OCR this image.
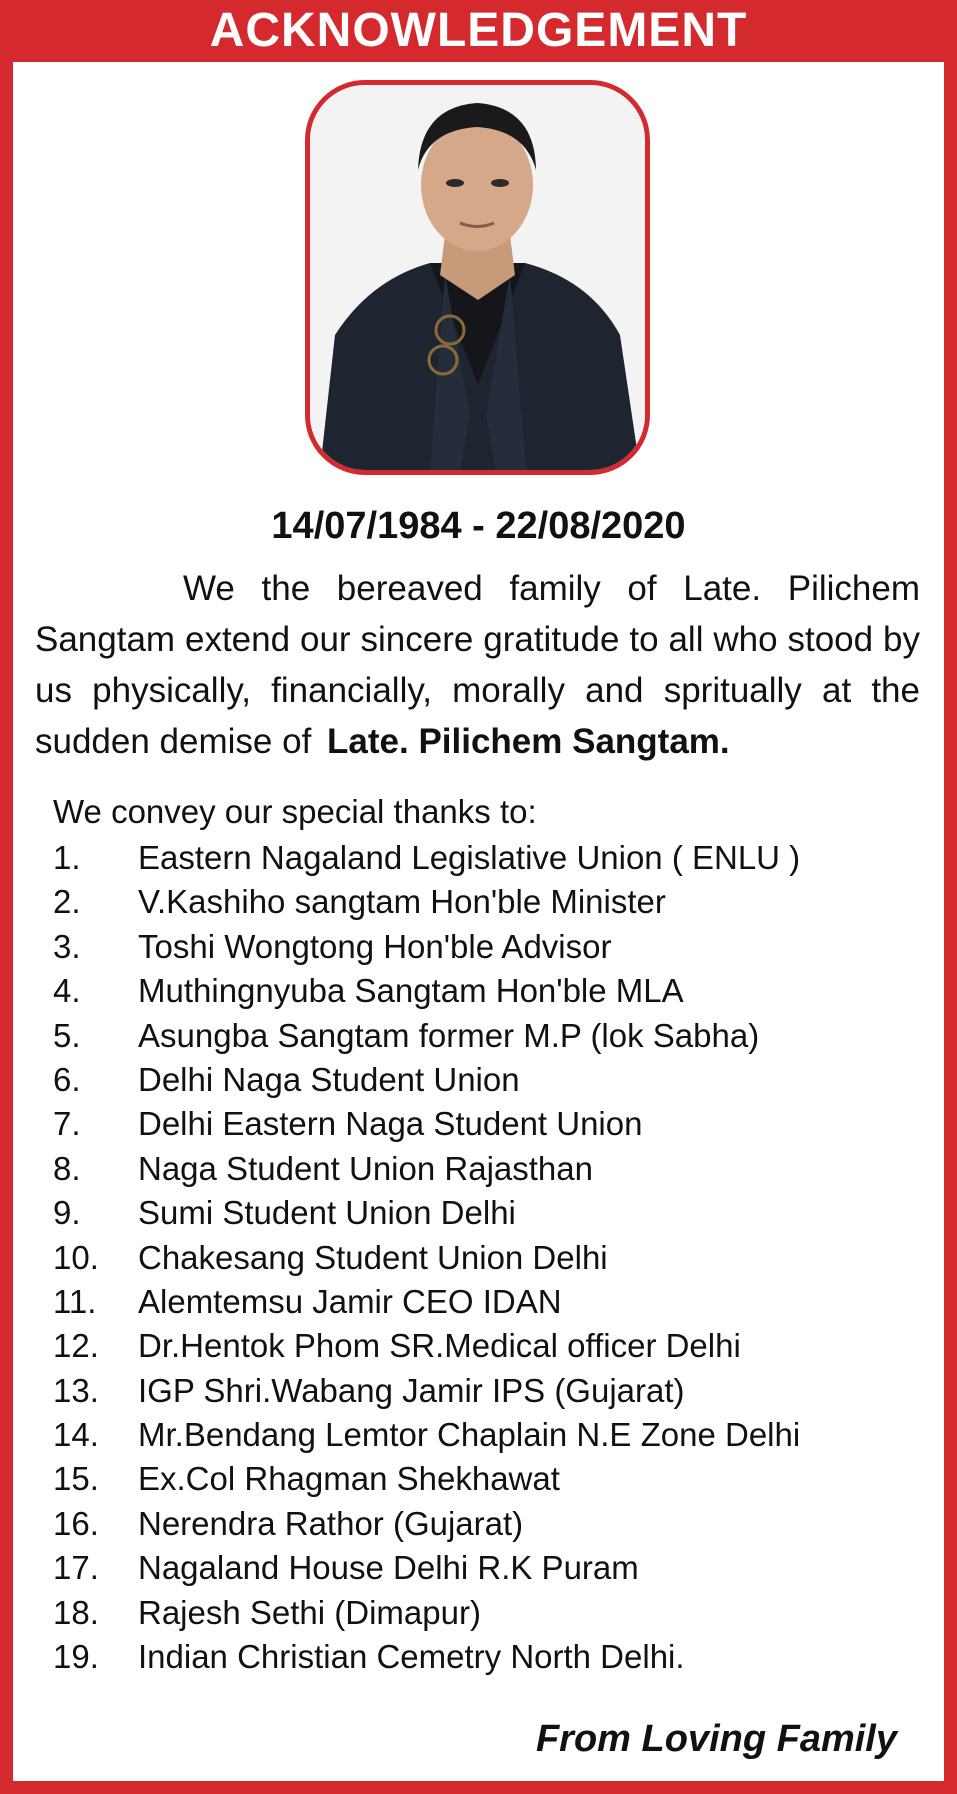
ACKNOWLEDGEMENT
14/07/1984 - 22/08/2020
We the bereaved family of Late. Pilichem Sangtam extend our sincere gratitude to all who stood by us physically, financially, morally and spritually at the sudden demise of Late. Pilichem Sangtam.
We convey our special thanks to:
1. Eastern Nagaland Legislative Union ( ENLU )
2. V.Kashiho sangtam Hon'ble Minister
3. Toshi Wongtong Hon'ble Advisor
4. Muthingnyuba Sangtam Hon'ble MLA
5. Asungba Sangtam former M.P (lok Sabha)
6. Delhi Naga Student Union
7. Delhi Eastern Naga Student Union
8. Naga Student Union Rajasthan
9. Sumi Student Union Delhi
10. Chakesang Student Union Delhi
11. Alemtemsu Jamir CEO IDAN
12. Dr.Hentok Phom SR.Medical officer Delhi
13. IGP Shri.Wabang Jamir IPS (Gujarat)
14. Mr.Bendang Lemtor Chaplain N.E Zone Delhi
15. Ex.Col Rhagman Shekhawat
16. Nerendra Rathor (Gujarat)
17. Nagaland House Delhi R.K Puram
18. Rajesh Sethi (Dimapur)
19. Indian Christian Cemetry North Delhi.
From Loving Family
